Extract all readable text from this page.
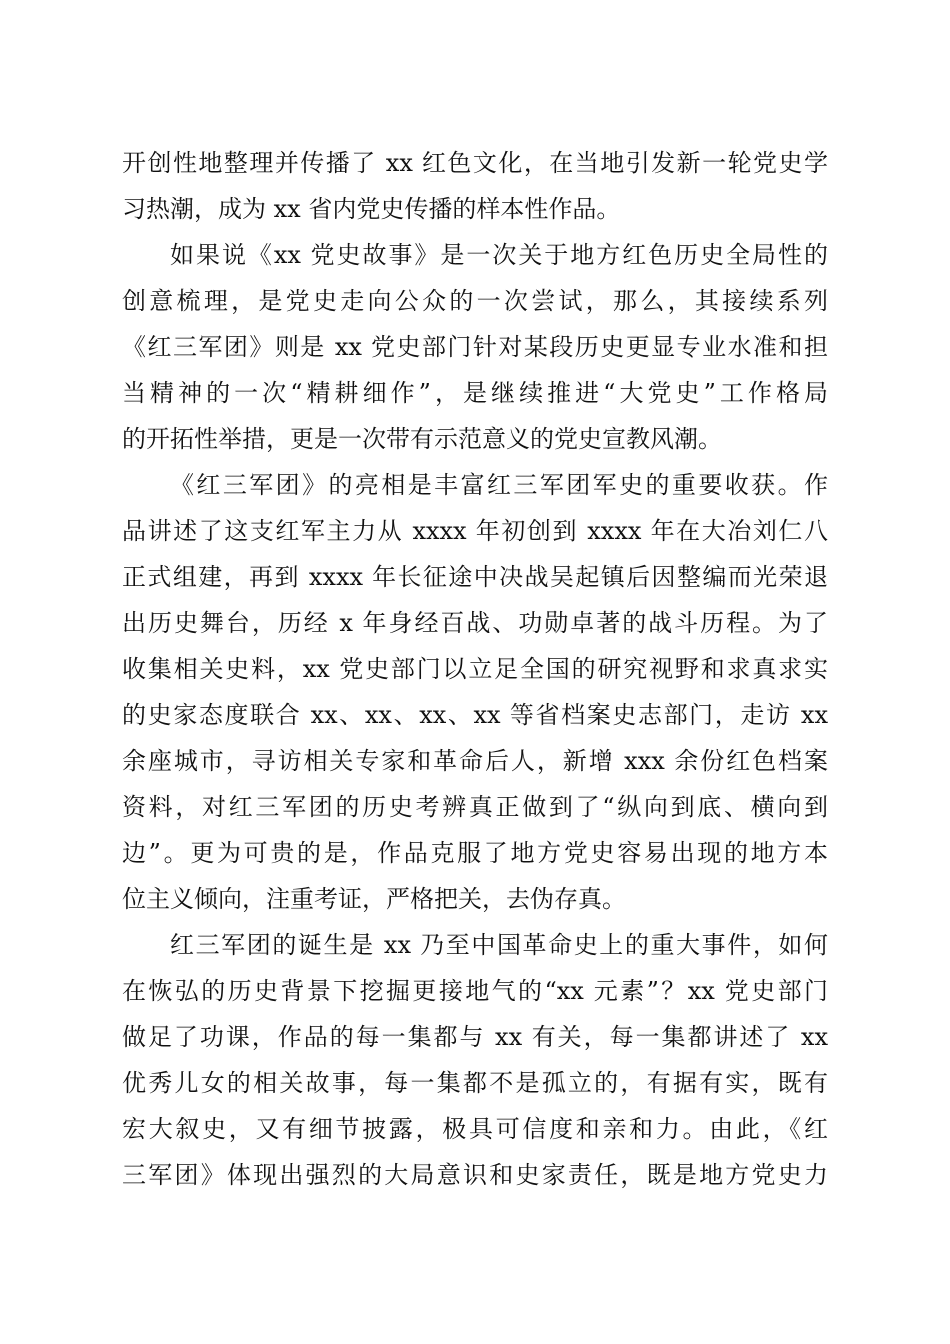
开创性地整理并传播了 xx 红色文化，在当地引发新一轮党史学
习热潮，成为 xx 省内党史传播的样本性作品。
如果说《xx 党史故事》是一次关于地方红色历史全局性的
创意梳理，是党史走向公众的一次尝试，那么，其接续系列
《红三军团》则是 xx 党史部门针对某段历史更显专业水准和担
当精神的一次“精耕细作”，是继续推进“大党史”工作格局
的开拓性举措，更是一次带有示范意义的党史宣教风潮。
《红三军团》的亮相是丰富红三军团军史的重要收获。作
品讲述了这支红军主力从 xxxx 年初创到 xxxx 年在大冶刘仁八
正式组建，再到 xxxx 年长征途中决战吴起镇后因整编而光荣退
出历史舞台，历经 x 年身经百战、功勋卓著的战斗历程。为了
收集相关史料，xx 党史部门以立足全国的研究视野和求真求实
的史家态度联合 xx、xx、xx、xx 等省档案史志部门，走访 xx
余座城市，寻访相关专家和革命后人，新增 xxx 余份红色档案
资料，对红三军团的历史考辨真正做到了“纵向到底、横向到
边”。更为可贵的是，作品克服了地方党史容易出现的地方本
位主义倾向，注重考证，严格把关，去伪存真。
红三军团的诞生是 xx 乃至中国革命史上的重大事件，如何
在恢弘的历史背景下挖掘更接地气的“xx 元素”？xx 党史部门
做足了功课，作品的每一集都与 xx 有关，每一集都讲述了 xx
优秀儿女的相关故事，每一集都不是孤立的，有据有实，既有
宏大叙史，又有细节披露，极具可信度和亲和力。由此，《红
三军团》体现出强烈的大局意识和史家责任，既是地方党史力
